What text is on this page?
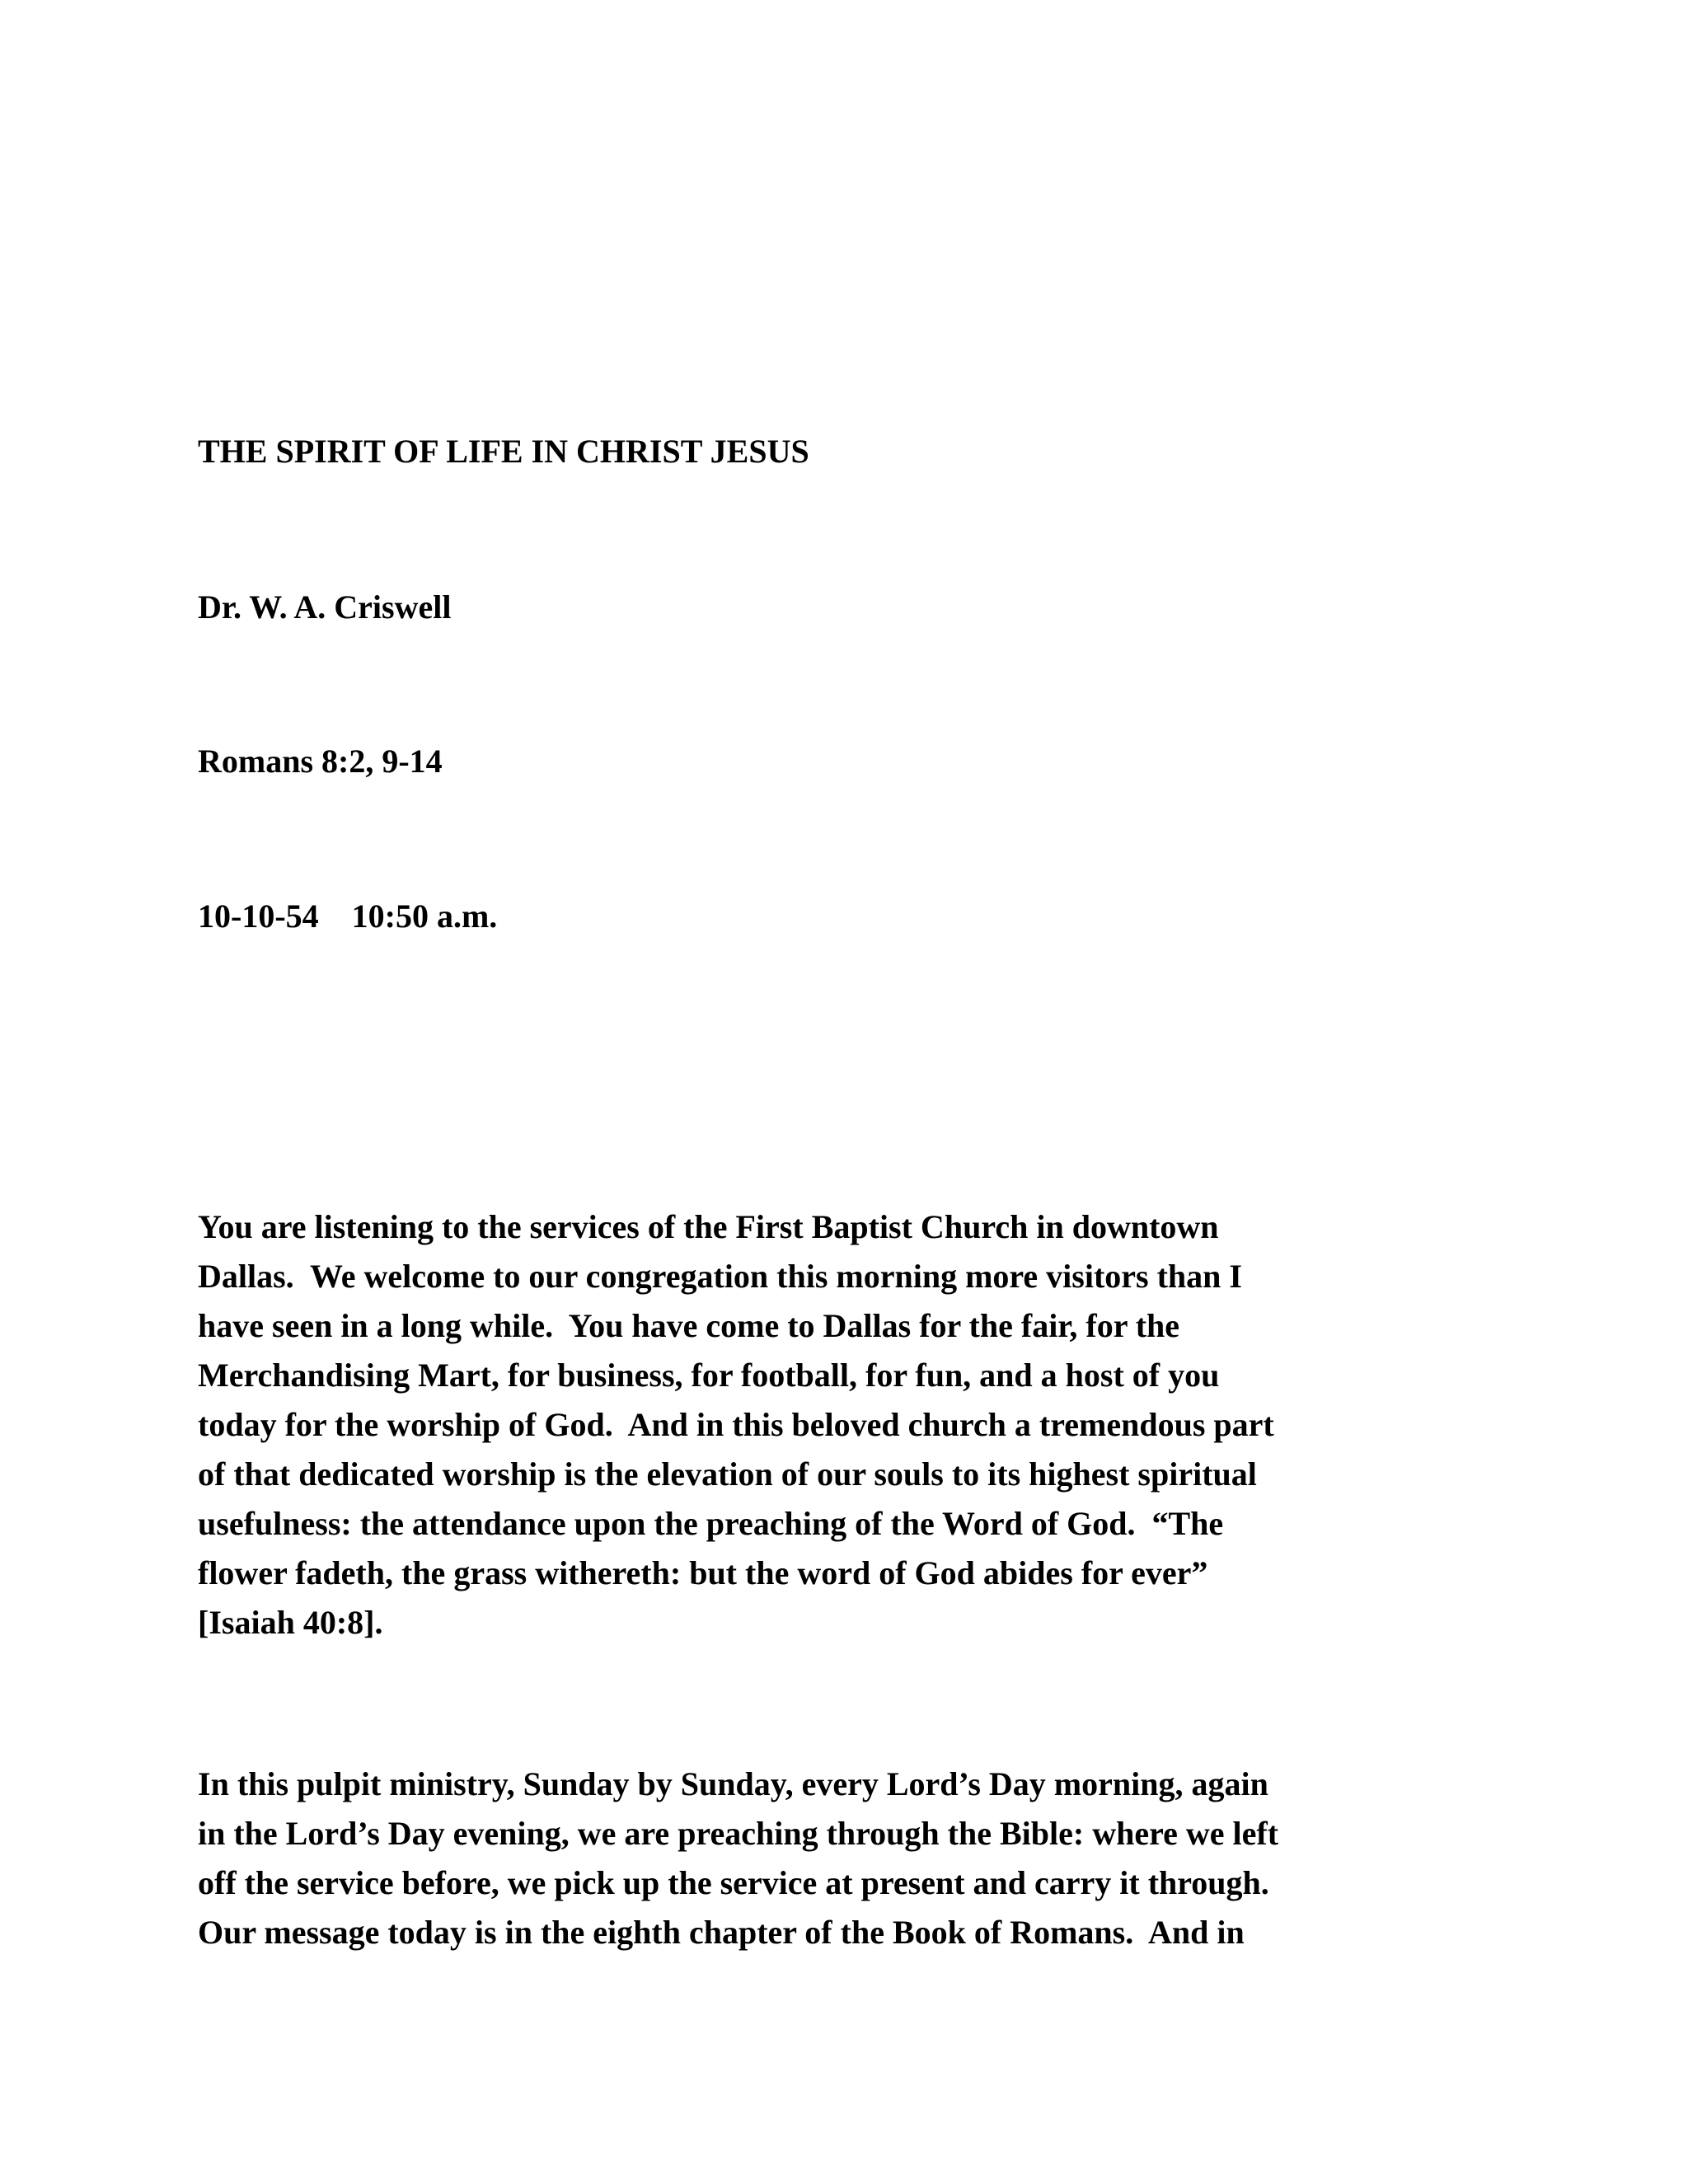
THE SPIRIT OF LIFE IN CHRIST JESUS

Dr. W. A. Criswell

Romans 8:2, 9-14

10-10-54    10:50 a.m.

You are listening to the services of the First Baptist Church in downtown
Dallas.  We welcome to our congregation this morning more visitors than I
have seen in a long while.  You have come to Dallas for the fair, for the
Merchandising Mart, for business, for football, for fun, and a host of you
today for the worship of God.  And in this beloved church a tremendous part
of that dedicated worship is the elevation of our souls to its highest spiritual
usefulness: the attendance upon the preaching of the Word of God.  “The
flower fadeth, the grass withereth: but the word of God abides for ever”
[Isaiah 40:8].
In this pulpit ministry, Sunday by Sunday, every Lord’s Day morning, again
in the Lord’s Day evening, we are preaching through the Bible: where we left
off the service before, we pick up the service at present and carry it through.
Our message today is in the eighth chapter of the Book of Romans.  And in
